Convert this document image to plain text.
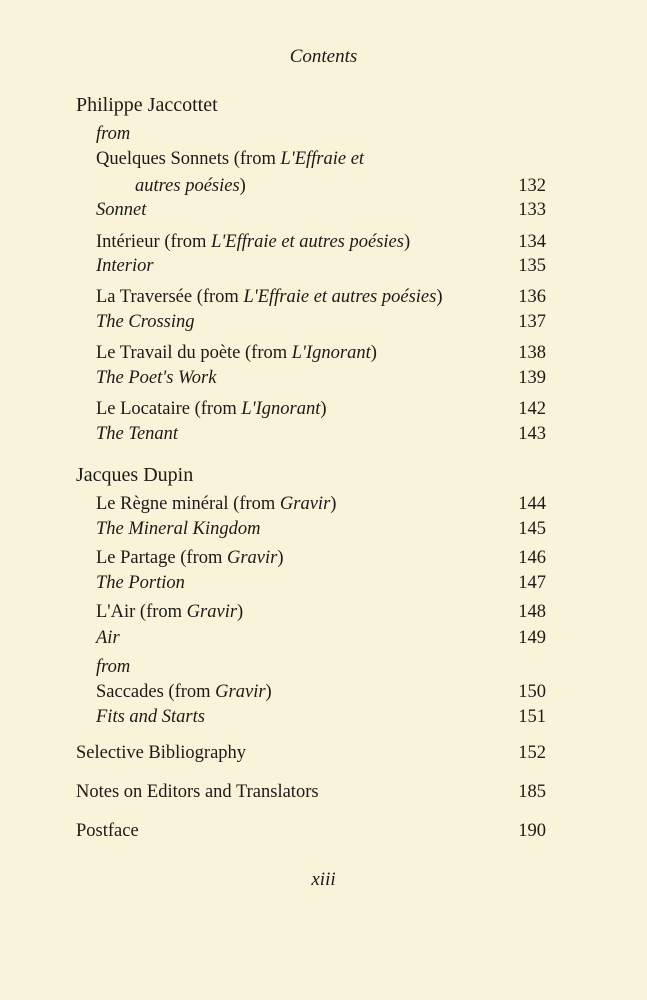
Contents
Philippe Jaccottet
from
Quelques Sonnets (from L'Effraie et
autres poésies)	132
Sonnet	133
Intérieur (from L'Effraie et autres poésies)	134
Interior	135
La Traversée (from L'Effraie et autres poésies)	136
The Crossing	137
Le Travail du poète (from L'Ignorant)	138
The Poet's Work	139
Le Locataire (from L'Ignorant)	142
The Tenant	143
Jacques Dupin
Le Règne minéral (from Gravir)	144
The Mineral Kingdom	145
Le Partage (from Gravir)	146
The Portion	147
L'Air (from Gravir)	148
Air	149
from
Saccades (from Gravir)	150
Fits and Starts	151
Selective Bibliography	152
Notes on Editors and Translators	185
Postface	190
xiii
